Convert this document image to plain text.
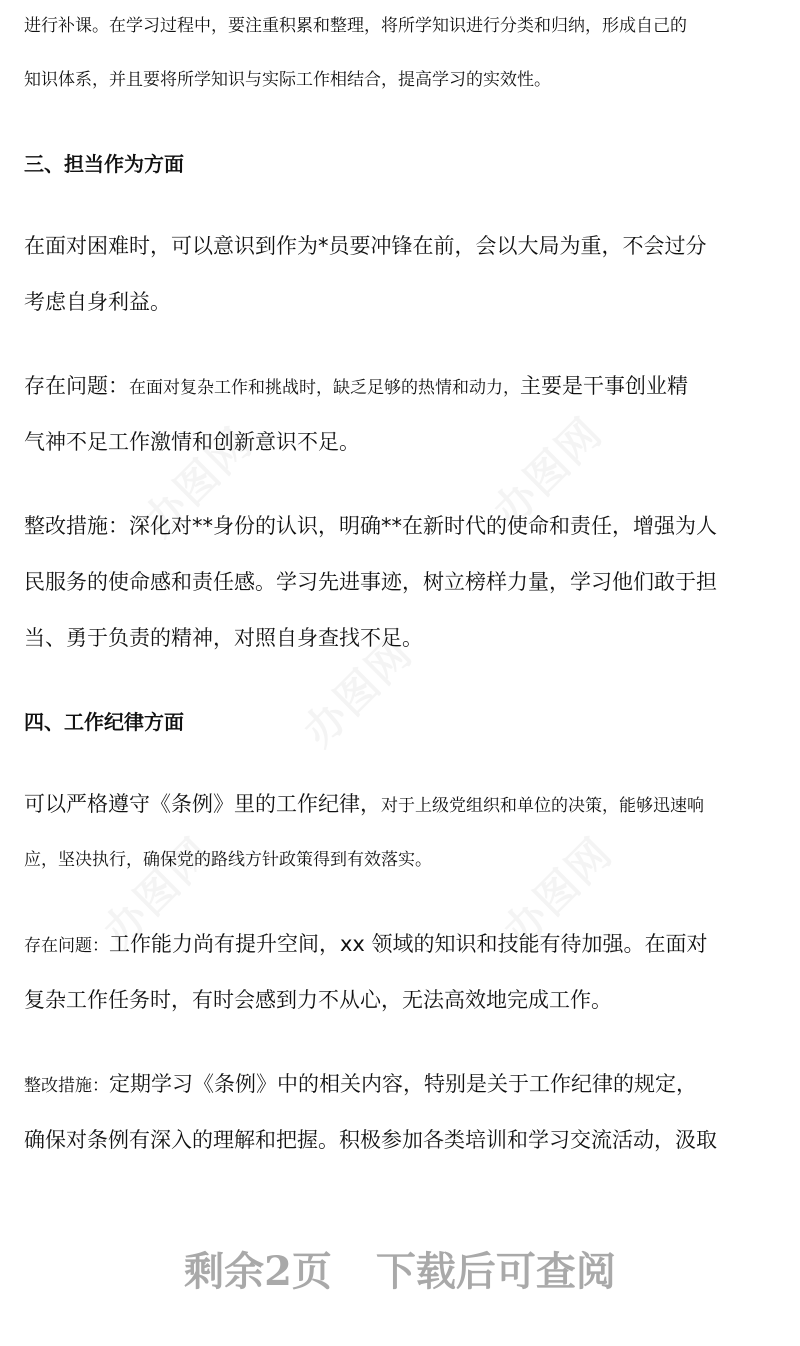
进行补课。在学习过程中，要注重积累和整理，将所学知识进行分类和归纳，形成自己的
知识体系，并且要将所学知识与实际工作相结合，提高学习的实效性。
三、担当作为方面
在面对困难时，可以意识到作为*员要冲锋在前，会以大局为重，不会过分
考虑自身利益。
存在问题：在面对复杂工作和挑战时，缺乏足够的热情和动力，主要是干事创业精
气神不足工作激情和创新意识不足。
整改措施：深化对**身份的认识，明确**在新时代的使命和责任，增强为人
民服务的使命感和责任感。学习先进事迹，树立榜样力量，学习他们敢于担
当、勇于负责的精神，对照自身查找不足。
四、工作纪律方面
可以严格遵守《条例》里的工作纪律，对于上级党组织和单位的决策，能够迅速响
应，坚决执行，确保党的路线方针政策得到有效落实。
存在问题：工作能力尚有提升空间，xx 领域的知识和技能有待加强。在面对
复杂工作任务时，有时会感到力不从心，无法高效地完成工作。
整改措施：定期学习《条例》中的相关内容，特别是关于工作纪律的规定，
确保对条例有深入的理解和把握。积极参加各类培训和学习交流活动，汲取
剩余2页 下载后可查阅
